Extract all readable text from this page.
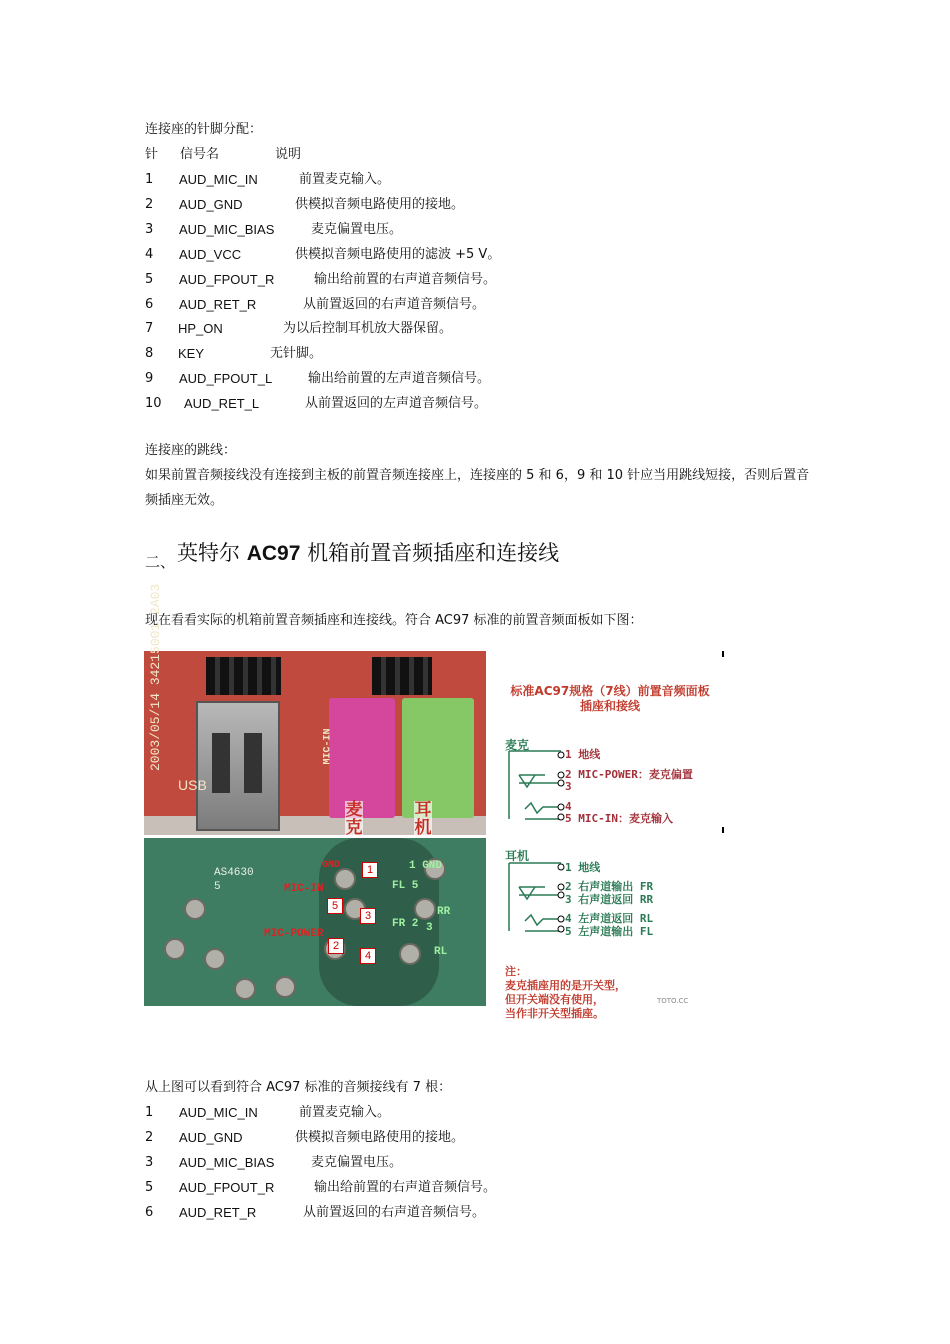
连接座的针脚分配：
针 信号名	说明
1 AUD_MIC_IN	前置麦克输入。
2 AUD_GND	供模拟音频电路使用的接地。
3 AUD_MIC_BIAS	麦克偏置电压。
4 AUD_VCC	供模拟音频电路使用的滤波 +5 V。
5 AUD_FPOUT_R	输出给前置的右声道音频信号。
6 AUD_RET_R	从前置返回的右声道音频信号。
7 HP_ON	为以后控制耳机放大器保留。
8 KEY	无针脚。
9 AUD_FPOUT_L	输出给前置的左声道音频信号。
10 AUD_RET_L	从前置返回的左声道音频信号。
连接座的跳线：
如果前置音频接线没有连接到主板的前置音频连接座上，连接座的 5 和 6，9 和 10 针应当用跳线短接，否则后置音频插座无效。
$_{二、}$英特尔 AC97 机箱前置音频插座和连接线
现在看看实际的机箱前置音频插座和连接线。符合 AC97 标准的前置音频面板如下图：
2003/05/14 34215001 2A03
USB
MIC-IN
麦克
耳机
AS4630
5
1
5
3
2
4
MIC-IN
GND
MIC-POWER
1 GND
FL 5
RR
FR 2 3
RL
标准AC97规格（7线）前置音频面板插座和接线
麦克
1 地线
2 MIC-POWER：麦克偏置
3
4
5 MIC-IN：麦克输入
耳机
1 地线
2 右声道输出 FR
3 右声道返回 RR
4 左声道返回 RL
5 左声道输出 FL
注：
麦克插座用的是开关型，
但开关端没有使用，
当作非开关型插座。
TOTO.CC
从上图可以看到符合 AC97 标准的音频接线有 7 根：
1 AUD_MIC_IN	前置麦克输入。
2 AUD_GND	供模拟音频电路使用的接地。
3 AUD_MIC_BIAS	麦克偏置电压。
5 AUD_FPOUT_R	输出给前置的右声道音频信号。
6 AUD_RET_R	从前置返回的右声道音频信号。
